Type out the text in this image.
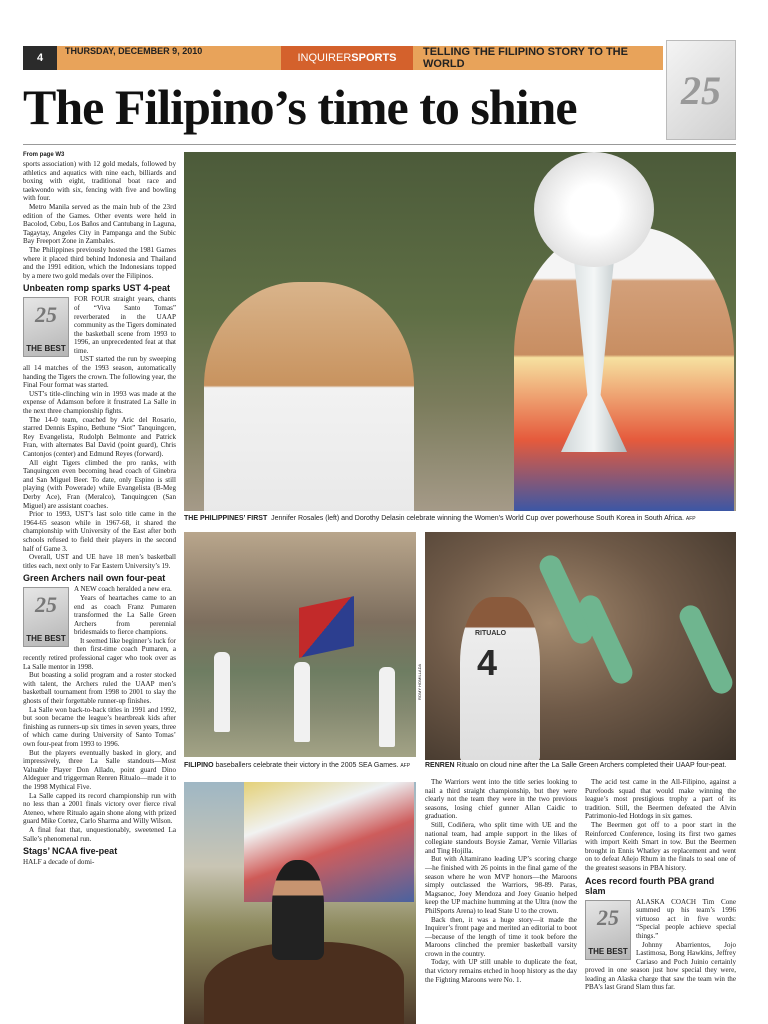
4
THURSDAY, DECEMBER 9, 2010
INQUIRERSPORTS	TELLING THE FILIPINO STORY TO THE WORLD
25
The Filipino’s time to shine
From page W3

sports association) with 12 gold medals, followed by athletics and aquatics with nine each, billiards and boxing with eight, traditional boat race and taekwondo with six, fencing with five and bowling with four.

Metro Manila served as the main hub of the 23rd edition of the Games. Other events were held in Bacolod, Cebu, Los Baños and Cantubang in Laguna, Tagaytay, Angeles City in Pampanga and the Subic Bay Freeport Zone in Zambales.

The Philippines previously hosted the 1981 Games where it placed third behind Indonesia and Thailand and the 1991 edition, which the Indonesians topped by a mere two gold medals over the Filipinos.

Unbeaten romp sparks UST 4-peat
25
THE BEST

FOR FOUR straight years, chants of “Viva Santo Tomas” reverberated in the UAAP community as the Tigers dominated the basketball scene from 1993 to 1996, an unprecedented feat at that time.

UST started the run by sweeping all 14 matches of the 1993 season, automatically handing the Tigers the crown. The following year, the Final Four format was started.

UST’s title-clinching win in 1993 was made at the expense of Adamson before it frustrated La Salle in the next three championship fights.

The 14-0 team, coached by Aric del Rosario, starred Dennis Espino, Bethune “Siot” Tanquingcen, Rey Evangelista, Rudolph Belmonte and Patrick Fran, with alternates Bal David (point guard), Chris Cantonjos (center) and Edmund Reyes (forward).

All eight Tigers climbed the pro ranks, with Tanquingcen even becoming head coach of Ginebra and San Miguel Beer. To date, only Espino is still playing (with Powerade) while Evangelista (B-Meg Derby Ace), Fran (Meralco), Tanquingcen (San Miguel) are assistant coaches.

Prior to 1993, UST’s last solo title came in the 1964-65 season while in 1967-68, it shared the championship with University of the East after both schools refused to field their players in the second half of Game 3.

Overall, UST and UE have 18 men’s basketball titles each, next only to Far Eastern University’s 19.

Green Archers nail own four-peat
25
THE BEST

A NEW coach heralded a new era.

Years of heartaches came to an end as coach Franz Pumaren transformed the La Salle Green Archers from perennial bridesmaids to fierce champions.

It seemed like beginner’s luck for then first-time coach Pumaren, a recently retired professional cager who took over as La Salle mentor in 1998.

But boasting a solid program and a roster stocked with talent, the Archers ruled the UAAP men’s basketball tournament from 1998 to 2001 to slay the ghosts of their forgettable runner-up finishes.

La Salle won back-to-back titles in 1991 and 1992, but soon became the league’s heartbreak kids after finishing as runners-up six times in seven years, three of which came during University of Santo Tomas’ own four-peat from 1993 to 1996.

But the players eventually basked in glory, and impressively, three La Salle standouts—Most Valuable Player Don Allado, point guard Dino Aldeguer and triggerman Renren Ritualo—made it to the 1998 Mythical Five.

La Salle capped its record championship run with no less than a 2001 finals victory over fierce rival Ateneo, where Ritualo again shone along with prized guard Mike Cortez, Carlo Sharma and Willy Wilson.

A final feat that, unquestionably, sweetened La Salle’s phenomenal run.

Stags’ NCAA five-peat

HALF a decade of domi-

THE PHILIPPINES’ FIRST Jennifer Rosales (left) and Dorothy Delasin celebrate winning the Women’s World Cup over powerhouse South Korea in South Africa. AFP
ROMY HOMILLADA
FILIPINO baseballers celebrate their victory in the 2005 SEA Games. AFP
RITUALO
4
RENREN Ritualo on cloud nine after the La Salle Green Archers completed their UAAP four-peat.

The Warriors went into the title series looking to nail a third straight championship, but they were clearly not the team they were in the two previous seasons, losing chief gunner Allan Caidic to graduation.

Still, Codiñera, who split time with UE and the national team, had ample support in the likes of collegiate standouts Boysie Zamar, Vernie Villarias and Ting Hojilla.

But with Altamirano leading UP’s scoring charge—he finished with 26 points in the final game of the season where he won MVP honors—the Maroons simply outclassed the Warriors, 98-89. Paras, Magsanoc, Joey Mendoza and Joey Guanio helped keep the UP machine humming at the Ultra (now the PhilSports Arena) to lead State U to the crown.

Back then, it was a huge story—it made the Inquirer’s front page and merited an editorial to boot—because of the length of time it took before the Maroons clinched the premier basketball varsity crown in the country.

Today, with UP still unable to duplicate the feat, that victory remains etched in hoop history as the day the Fighting Maroons were No. 1.

The acid test came in the All-Filipino, against a Purefoods squad that would make winning the league’s most prestigious trophy a part of its tradition. Still, the Beermen defeated the Alvin Patrimonio-led Hotdogs in six games.

The Beermen got off to a poor start in the Reinforced Conference, losing its first two games with import Keith Smart in tow. But the Beermen brought in Ennis Whatley as replacement and went on to defeat Añejo Rhum in the finals to seal one of the greatest seasons in PBA history.

Aces record fourth PBA grand slam
25
THE BEST

ALASKA COACH Tim Cone summed up his team’s 1996 virtuoso act in five words: “Special people achieve special things.”

Johnny Abarrientos, Jojo Lastimosa, Bong Hawkins, Jeffrey Cariaso and Poch Juinio certainly proved in one season just how special they were, leading an Alaska charge that saw the team win the PBA’s last Grand Slam thus far.
